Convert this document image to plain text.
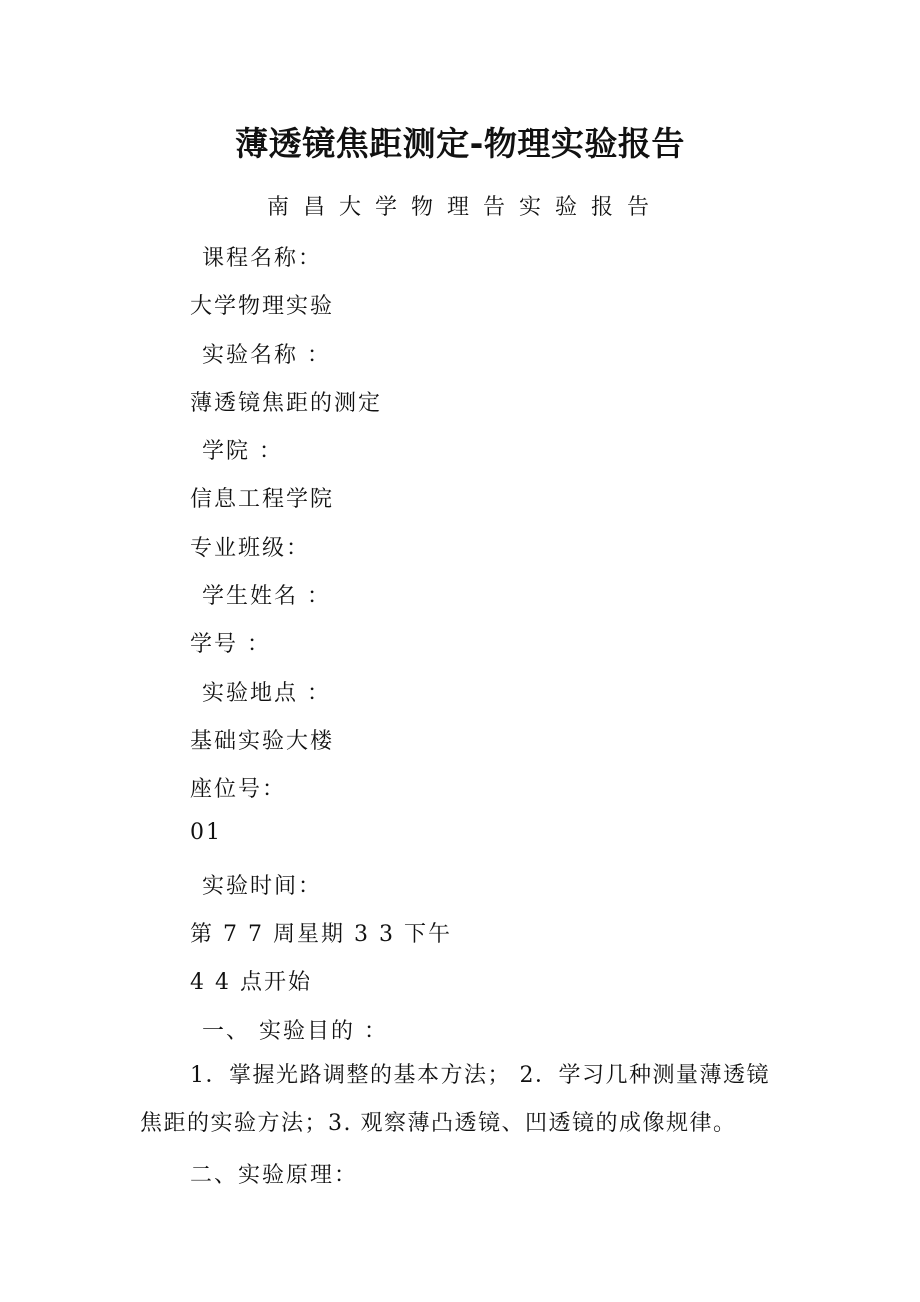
薄透镜焦距测定-物理实验报告
南昌大学物理告实验报告
课程名称：
大学物理实验
实验名称 ：
薄透镜焦距的测定
学院 ：
信息工程学院
专业班级：
学生姓名 ：
学号 ：
实验地点 ：
基础实验大楼
座位号：
01
实验时间：
第 7 7 周星期 3 3 下午
4 4 点开始
一、 实验目的 ：
1．掌握光路调整的基本方法； 2．学习几种测量薄透镜焦距的实验方法；3. 观察薄凸透镜、凹透镜的成像规律。
二、实验原理：
